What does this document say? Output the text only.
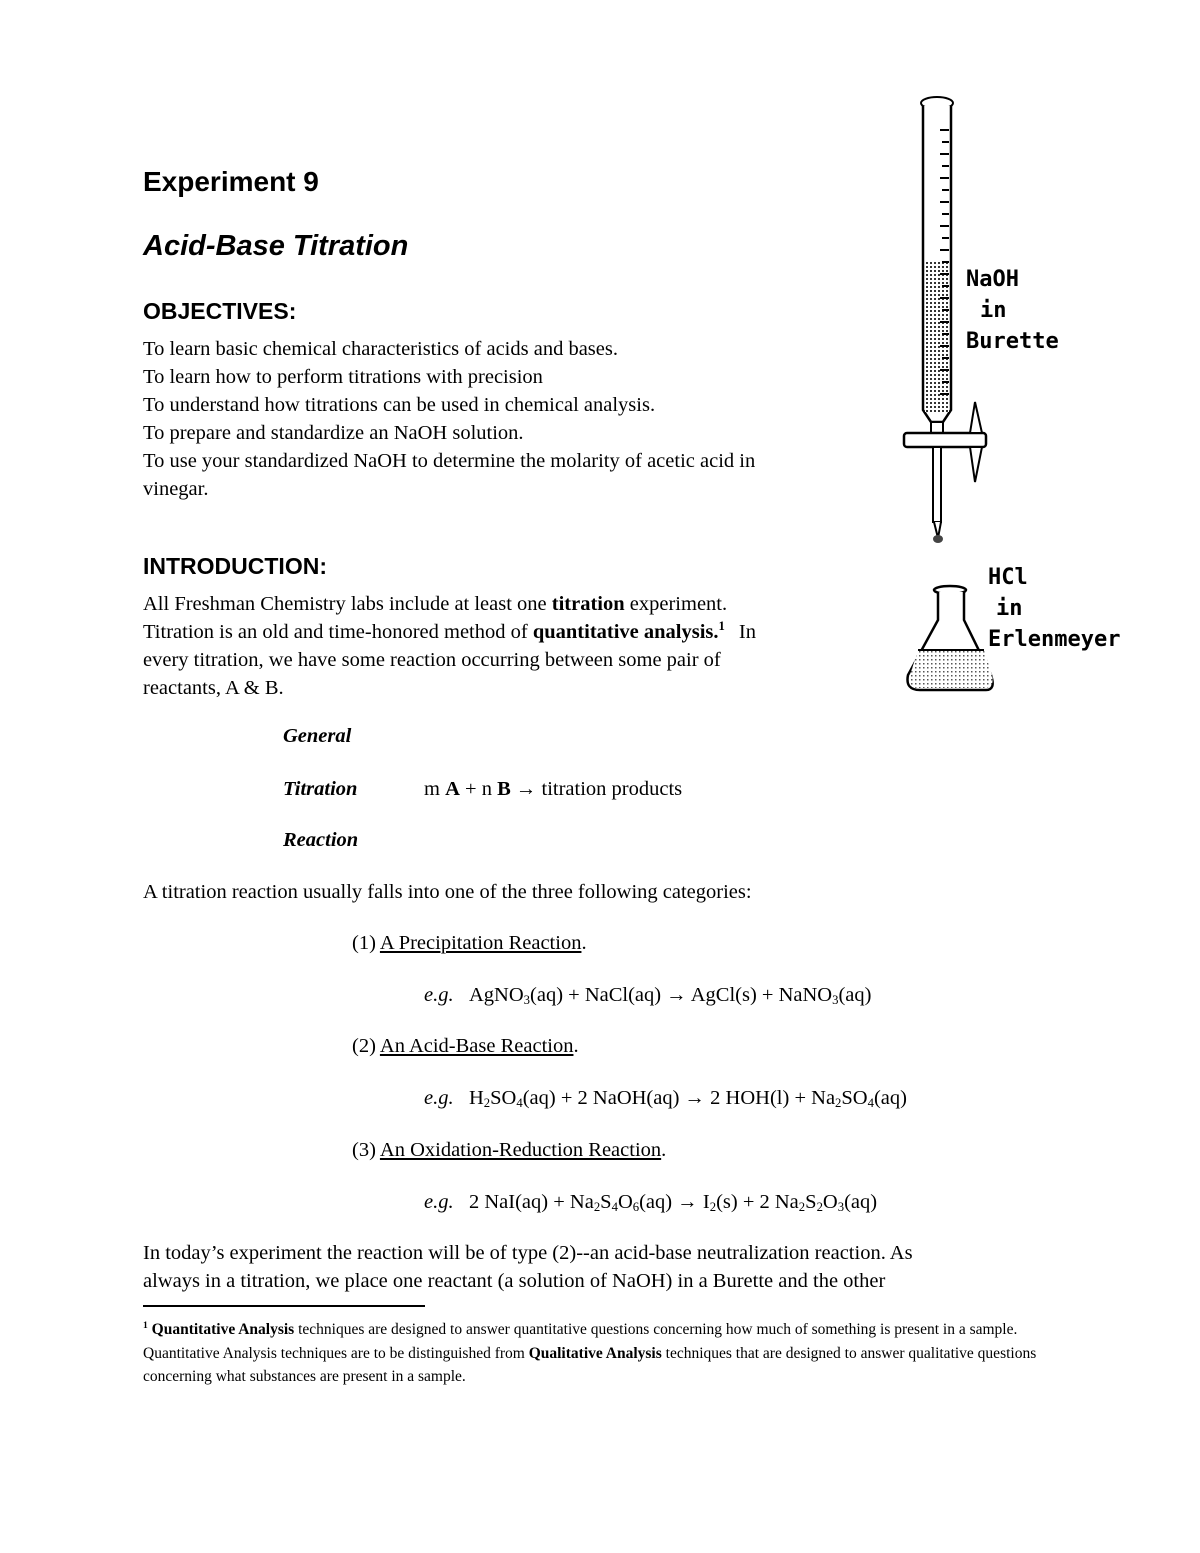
Experiment 9
Acid-Base Titration
OBJECTIVES:
To learn basic chemical characteristics of acids and bases.
To learn how to perform titrations with precision
To understand how titrations can be used in chemical analysis.
To prepare and standardize an NaOH solution.
To use your standardized NaOH to determine the molarity of acetic acid in
vinegar.
NaOH
in
Burette
HCl
in
Erlenmeyer
INTRODUCTION:
All Freshman Chemistry labs include at least one titration experiment.
Titration is an old and time-honored method of quantitative analysis.$^1$ In
every titration, we have some reaction occurring between some pair of
reactants, A & B.
General
Titration	m A + n B → titration products
Reaction
A titration reaction usually falls into one of the three following categories:
(1) A Precipitation Reaction.
e.g.   AgNO$_3$(aq) + NaCl(aq) → AgCl(s) + NaNO$_3$(aq)
(2) An Acid-Base Reaction.
e.g.   $H_2SO_4(aq) + 2$ NaOH(aq) → 2 $HOH(l) + Na_2SO_4(aq)$
(3) An Oxidation-Reduction Reaction.
e.g.   2 $NaI(aq) + Na_2S_4O_6(aq) \to I_2(s) + 2$ $Na_2S_2O_3(aq)$
In today’s experiment the reaction will be of type (2)--an acid-base neutralization reaction. As
always in a titration, we place one reactant (a solution of NaOH) in a Burette and the other
$^1$ Quantitative Analysis techniques are designed to answer quantitative questions concerning how much of something is present in a sample. Quantitative Analysis techniques are to be distinguished from Qualitative Analysis techniques that are designed to answer qualitative questions concerning what substances are present in a sample.
